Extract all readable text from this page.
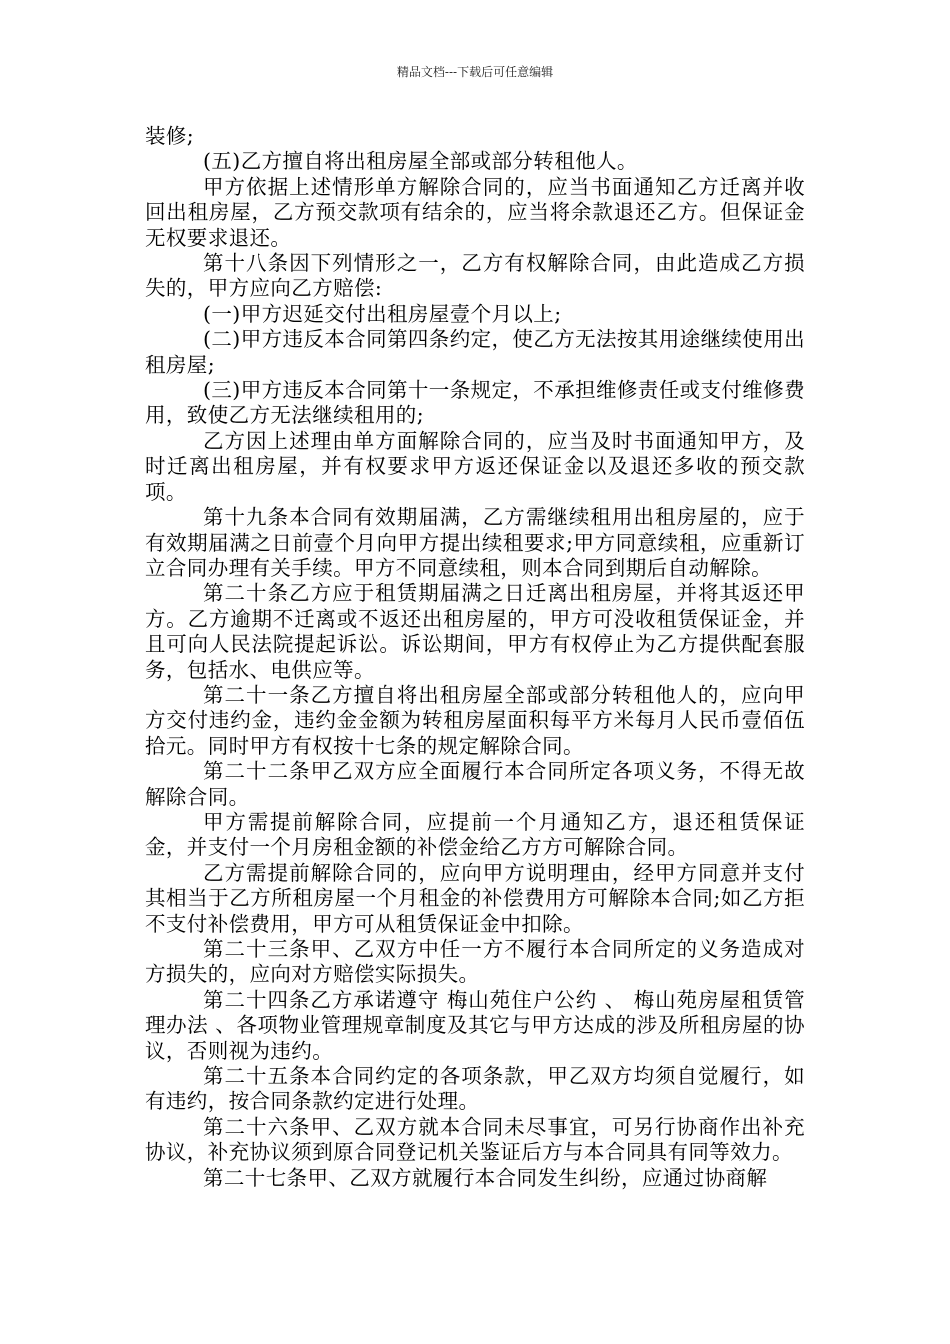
精品文档---下载后可任意编辑

装修;

(五)乙方擅自将出租房屋全部或部分转租他人。

甲方依据上述情形单方解除合同的，应当书面通知乙方迁离并收回出租房屋，乙方预交款项有结余的，应当将余款退还乙方。但保证金无权要求退还。

第十八条因下列情形之一，乙方有权解除合同，由此造成乙方损失的，甲方应向乙方赔偿:

(一)甲方迟延交付出租房屋壹个月以上;

(二)甲方违反本合同第四条约定，使乙方无法按其用途继续使用出租房屋;

(三)甲方违反本合同第十一条规定，不承担维修责任或支付维修费用，致使乙方无法继续租用的;

乙方因上述理由单方面解除合同的，应当及时书面通知甲方，及时迁离出租房屋，并有权要求甲方返还保证金以及退还多收的预交款项。

第十九条本合同有效期届满，乙方需继续租用出租房屋的，应于有效期届满之日前壹个月向甲方提出续租要求;甲方同意续租，应重新订立合同办理有关手续。甲方不同意续租，则本合同到期后自动解除。

第二十条乙方应于租赁期届满之日迁离出租房屋，并将其返还甲方。乙方逾期不迁离或不返还出租房屋的，甲方可没收租赁保证金，并且可向人民法院提起诉讼。诉讼期间，甲方有权停止为乙方提供配套服务，包括水、电供应等。

第二十一条乙方擅自将出租房屋全部或部分转租他人的，应向甲方交付违约金，违约金金额为转租房屋面积每平方米每月人民币壹佰伍拾元。同时甲方有权按十七条的规定解除合同。

第二十二条甲乙双方应全面履行本合同所定各项义务，不得无故解除合同。

甲方需提前解除合同，应提前一个月通知乙方，退还租赁保证金，并支付一个月房租金额的补偿金给乙方方可解除合同。

乙方需提前解除合同的，应向甲方说明理由，经甲方同意并支付其相当于乙方所租房屋一个月租金的补偿费用方可解除本合同;如乙方拒不支付补偿费用，甲方可从租赁保证金中扣除。

第二十三条甲、乙双方中任一方不履行本合同所定的义务造成对方损失的，应向对方赔偿实际损失。

第二十四条乙方承诺遵守 梅山苑住户公约 、 梅山苑房屋租赁管理办法 、各项物业管理规章制度及其它与甲方达成的涉及所租房屋的协议，否则视为违约。

第二十五条本合同约定的各项条款，甲乙双方均须自觉履行，如有违约，按合同条款约定进行处理。

第二十六条甲、乙双方就本合同未尽事宜，可另行协商作出补充协议，补充协议须到原合同登记机关鉴证后方与本合同具有同等效力。

第二十七条甲、乙双方就履行本合同发生纠纷，应通过协商解
